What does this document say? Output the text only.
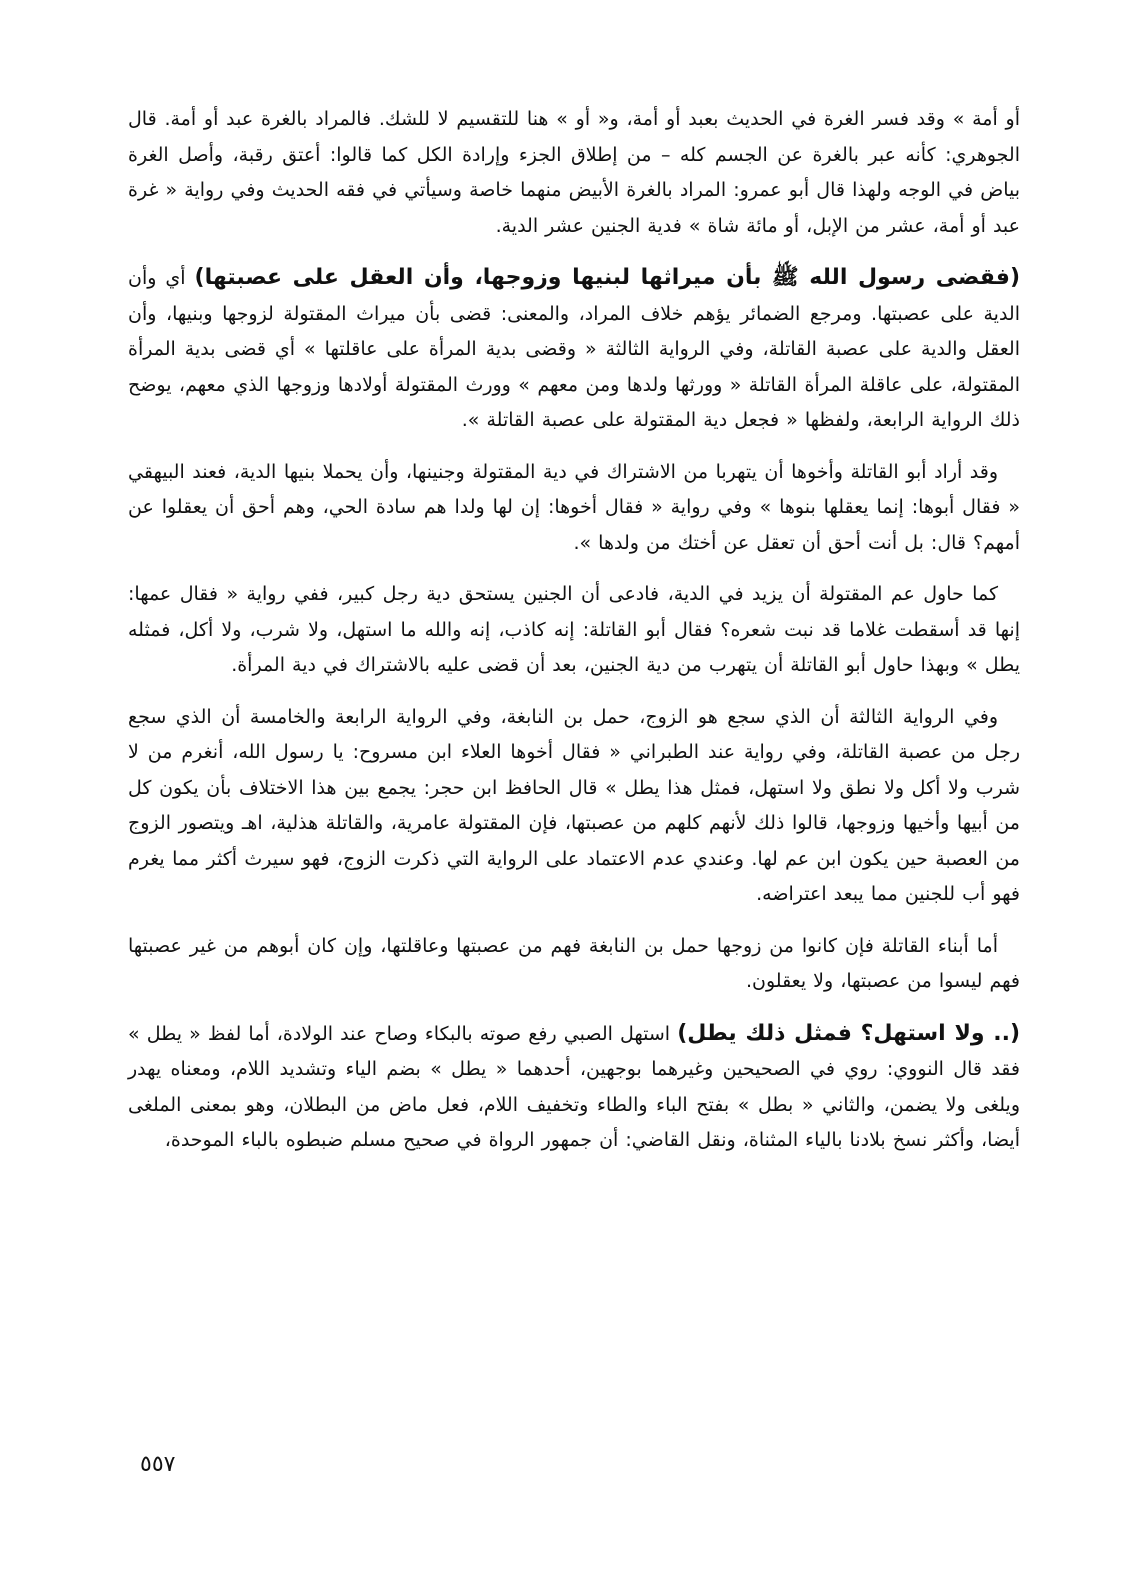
أو أمة » وقد فسر الغرة في الحديث بعبد أو أمة، و« أو » هنا للتقسيم لا للشك. فالمراد بالغرة عبد أو أمة. قال الجوهري: كأنه عبر بالغرة عن الجسم كله – من إطلاق الجزء وإرادة الكل كما قالوا: أعتق رقبة، وأصل الغرة بياض في الوجه ولهذا قال أبو عمرو: المراد بالغرة الأبيض منهما خاصة وسيأتي في فقه الحديث وفي رواية « غرة عبد أو أمة، عشر من الإبل، أو مائة شاة » فدية الجنين عشر الدية.

(فقضى رسول الله ﷺ بأن ميراثها لبنيها وزوجها، وأن العقل على عصبتها) أي وأن الدية على عصبتها. ومرجع الضمائر يؤهم خلاف المراد، والمعنى: قضى بأن ميراث المقتولة لزوجها وبنيها، وأن العقل والدية على عصبة القاتلة، وفي الرواية الثالثة « وقضى بدية المرأة على عاقلتها » أي قضى بدية المرأة المقتولة، على عاقلة المرأة القاتلة « وورثها ولدها ومن معهم » وورث المقتولة أولادها وزوجها الذي معهم، يوضح ذلك الرواية الرابعة، ولفظها « فجعل دية المقتولة على عصبة القاتلة ».

وقد أراد أبو القاتلة وأخوها أن يتهربا من الاشتراك في دية المقتولة وجنينها، وأن يحملا بنيها الدية، فعند البيهقي « فقال أبوها: إنما يعقلها بنوها » وفي رواية « فقال أخوها: إن لها ولدا هم سادة الحي، وهم أحق أن يعقلوا عن أمهم؟ قال: بل أنت أحق أن تعقل عن أختك من ولدها ».

كما حاول عم المقتولة أن يزيد في الدية، فادعى أن الجنين يستحق دية رجل كبير، ففي رواية « فقال عمها: إنها قد أسقطت غلاما قد نبت شعره؟ فقال أبو القاتلة: إنه كاذب، إنه والله ما استهل، ولا شرب، ولا أكل، فمثله يطل » وبهذا حاول أبو القاتلة أن يتهرب من دية الجنين، بعد أن قضى عليه بالاشتراك في دية المرأة.

وفي الرواية الثالثة أن الذي سجع هو الزوج، حمل بن النابغة، وفي الرواية الرابعة والخامسة أن الذي سجع رجل من عصبة القاتلة، وفي رواية عند الطبراني « فقال أخوها العلاء ابن مسروح: يا رسول الله، أنغرم من لا شرب ولا أكل ولا نطق ولا استهل، فمثل هذا يطل » قال الحافظ ابن حجر: يجمع بين هذا الاختلاف بأن يكون كل من أبيها وأخيها وزوجها، قالوا ذلك لأنهم كلهم من عصبتها، فإن المقتولة عامرية، والقاتلة هذلية، اهـ ويتصور الزوج من العصبة حين يكون ابن عم لها. وعندي عدم الاعتماد على الرواية التي ذكرت الزوج، فهو سيرث أكثر مما يغرم فهو أب للجنين مما يبعد اعتراضه.

أما أبناء القاتلة فإن كانوا من زوجها حمل بن النابغة فهم من عصبتها وعاقلتها، وإن كان أبوهم من غير عصبتها فهم ليسوا من عصبتها، ولا يعقلون.

(.. ولا استهل؟ فمثل ذلك يطل) استهل الصبي رفع صوته بالبكاء وصاح عند الولادة، أما لفظ « يطل » فقد قال النووي: روي في الصحيحين وغيرهما بوجهين، أحدهما « يطل » بضم الياء وتشديد اللام، ومعناه يهدر ويلغى ولا يضمن، والثاني « بطل » بفتح الباء والطاء وتخفيف اللام، فعل ماض من البطلان، وهو بمعنى الملغى أيضا، وأكثر نسخ بلادنا بالياء المثناة، ونقل القاضي: أن جمهور الرواة في صحيح مسلم ضبطوه بالباء الموحدة،

٥٥٧
